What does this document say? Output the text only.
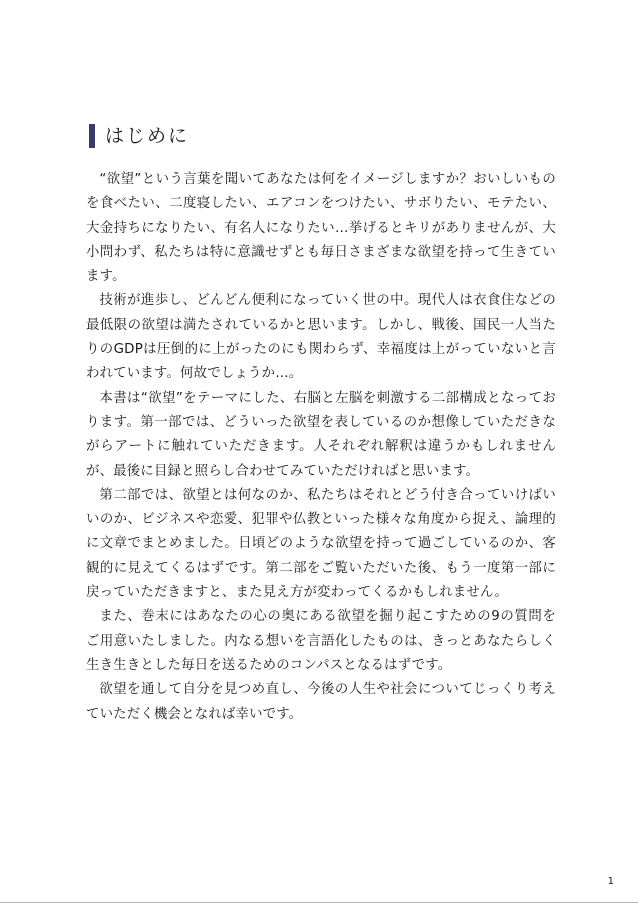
はじめに

“欲望”という言葉を聞いてあなたは何をイメージしますか？おいしいものを食べたい、二度寝したい、エアコンをつけたい、サボりたい、モテたい、大金持ちになりたい、有名人になりたい…挙げるとキリがありませんが、大小問わず、私たちは特に意識せずとも毎日さまざまな欲望を持って生きています。

技術が進歩し、どんどん便利になっていく世の中。現代人は衣食住などの最低限の欲望は満たされているかと思います。しかし、戦後、国民一人当たりのGDPは圧倒的に上がったのにも関わらず、幸福度は上がっていないと言われています。何故でしょうか…。

本書は“欲望”をテーマにした、右脳と左脳を刺激する二部構成となっております。第一部では、どういった欲望を表しているのか想像していただきながらアートに触れていただきます。人それぞれ解釈は違うかもしれませんが、最後に目録と照らし合わせてみていただければと思います。

第二部では、欲望とは何なのか、私たちはそれとどう付き合っていけばいいのか、ビジネスや恋愛、犯罪や仏教といった様々な角度から捉え、論理的に文章でまとめました。日頃どのような欲望を持って過ごしているのか、客観的に見えてくるはずです。第二部をご覧いただいた後、もう一度第一部に戻っていただきますと、また見え方が変わってくるかもしれません。

また、巻末にはあなたの心の奥にある欲望を掘り起こすための9の質問をご用意いたしました。内なる想いを言語化したものは、きっとあなたらしく生き生きとした毎日を送るためのコンパスとなるはずです。

欲望を通して自分を見つめ直し、今後の人生や社会についてじっくり考えていただく機会となれば幸いです。

1
